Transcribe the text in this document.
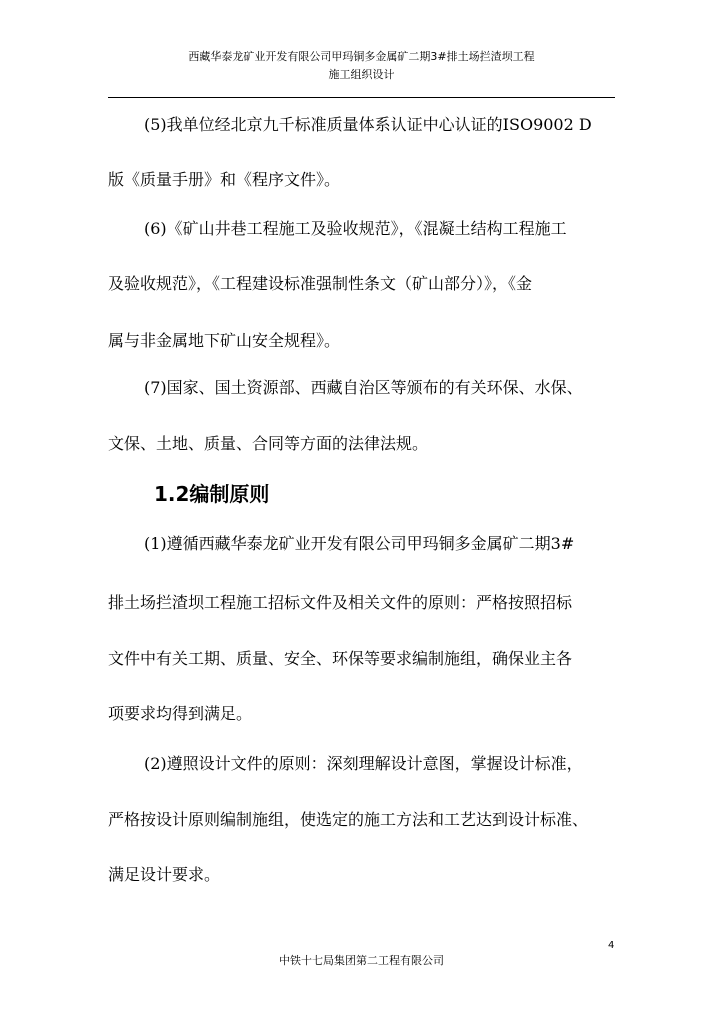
西藏华泰龙矿业开发有限公司甲玛铜多金属矿二期3#排土场拦渣坝工程
施工组织设计
(5)我单位经北京九千标准质量体系认证中心认证的ISO9002 D
版《质量手册》和《程序文件》。
(6)《矿山井巷工程施工及验收规范》，《混凝土结构工程施工
及验收规范》，《工程建设标准强制性条文（矿山部分）》，《金
属与非金属地下矿山安全规程》。
(7)国家、国土资源部、西藏自治区等颁布的有关环保、水保、
文保、土地、质量、合同等方面的法律法规。
1.2编制原则
(1)遵循西藏华泰龙矿业开发有限公司甲玛铜多金属矿二期3#
排土场拦渣坝工程施工招标文件及相关文件的原则：严格按照招标
文件中有关工期、质量、安全、环保等要求编制施组，确保业主各
项要求均得到满足。
(2)遵照设计文件的原则：深刻理解设计意图，掌握设计标准，
严格按设计原则编制施组，使选定的施工方法和工艺达到设计标准、
满足设计要求。
4
中铁十七局集团第二工程有限公司
